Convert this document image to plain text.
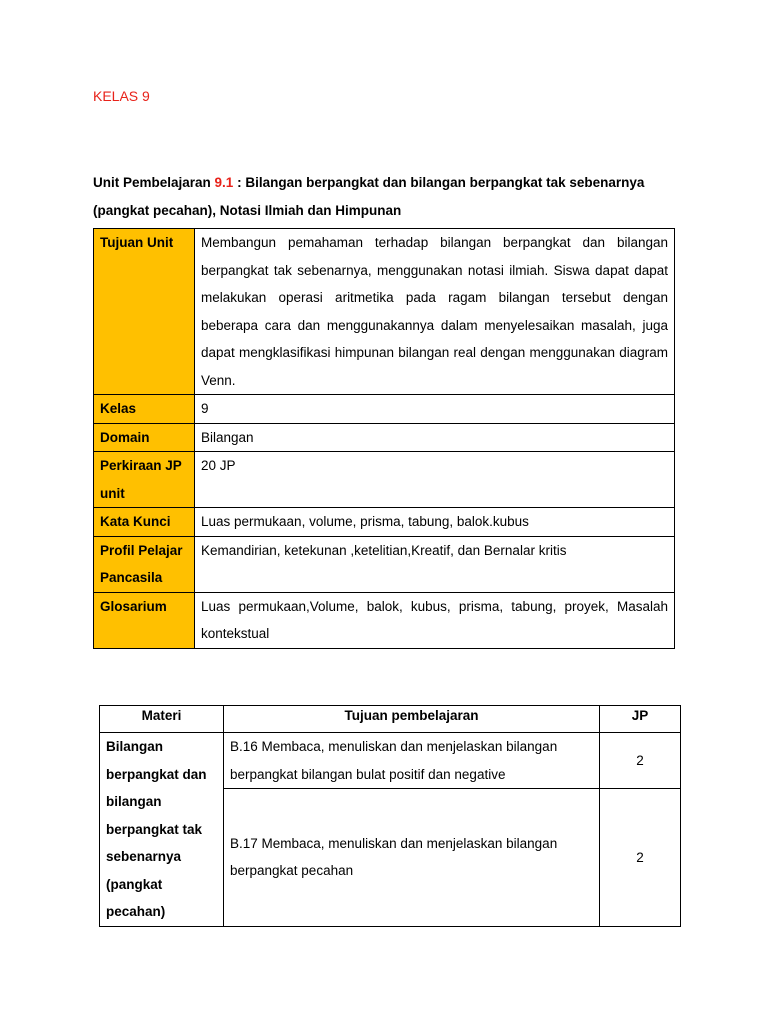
KELAS 9
Unit Pembelajaran 9.1 : Bilangan berpangkat dan bilangan berpangkat tak sebenarnya (pangkat pecahan), Notasi Ilmiah dan Himpunan
Tujuan Unit	Membangun pemahaman terhadap bilangan berpangkat dan bilangan berpangkat tak sebenarnya, menggunakan notasi ilmiah. Siswa dapat dapat melakukan operasi aritmetika pada ragam bilangan tersebut dengan beberapa cara dan menggunakannya dalam menyelesaikan masalah, juga dapat mengklasifikasi himpunan bilangan real dengan menggunakan diagram Venn.
Kelas	9
Domain	Bilangan
Perkiraan JP unit	20 JP
Kata Kunci	Luas permukaan, volume, prisma, tabung, balok.kubus
Profil Pelajar Pancasila	Kemandirian, ketekunan ,ketelitian,Kreatif, dan Bernalar kritis
Glosarium	Luas permukaan,Volume, balok, kubus, prisma, tabung, proyek, Masalah kontekstual
Materi	Tujuan pembelajaran	JP
Bilangan berpangkat dan bilangan berpangkat tak sebenarnya (pangkat pecahan)	B.16 Membaca, menuliskan dan menjelaskan bilangan berpangkat bilangan bulat positif dan negative	2
	B.17 Membaca, menuliskan dan menjelaskan bilangan berpangkat pecahan	2
